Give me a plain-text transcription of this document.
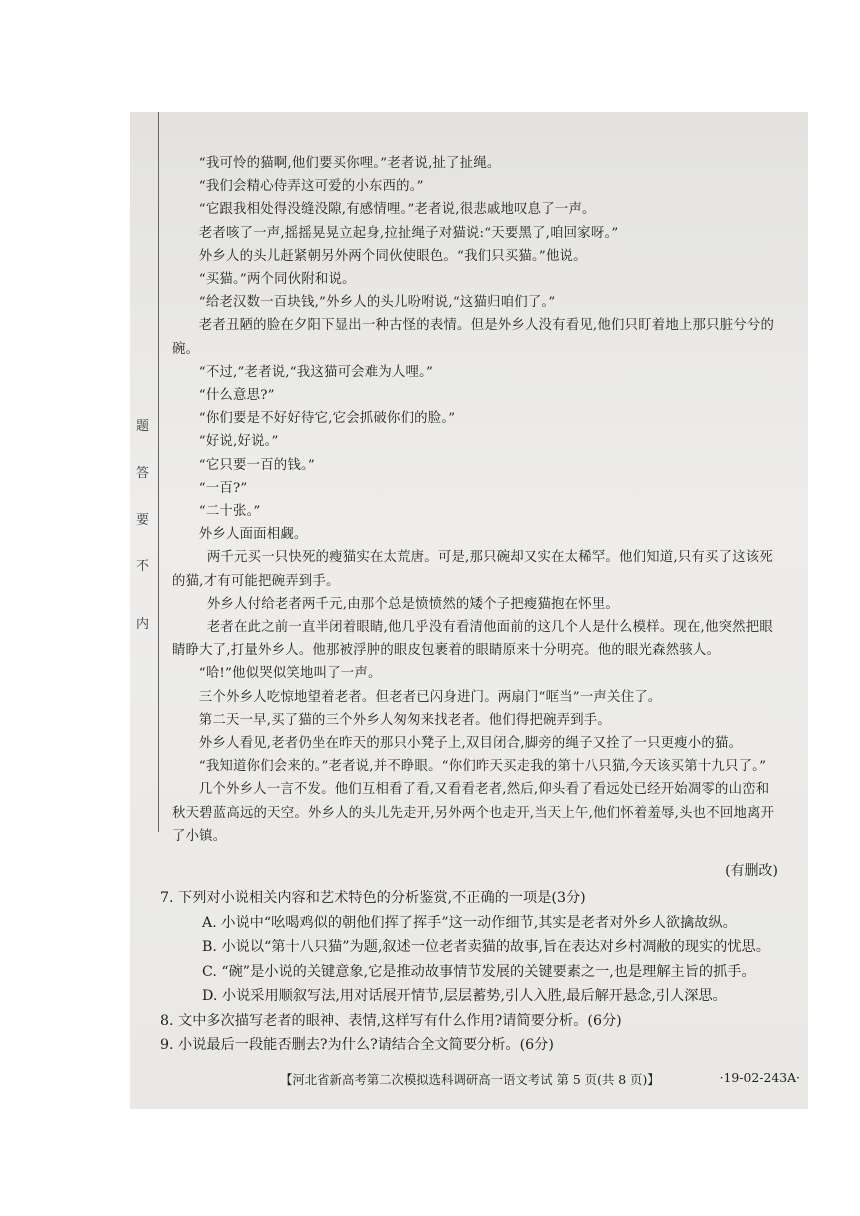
题
答
要
不
内

“我可怜的猫啊,他们要买你哩。”老者说,扯了扯绳。

“我们会精心侍弄这可爱的小东西的。”

“它跟我相处得没缝没隙,有感情哩。”老者说,很悲戚地叹息了一声。

老者咳了一声,摇摇晃晃立起身,拉扯绳子对猫说:“天要黑了,咱回家呀。”

外乡人的头儿赶紧朝另外两个同伙使眼色。“我们只买猫。”他说。

“买猫。”两个同伙附和说。

“给老汉数一百块钱,”外乡人的头儿吩咐说,“这猫归咱们了。”

老者丑陋的脸在夕阳下显出一种古怪的表情。但是外乡人没有看见,他们只盯着地上那只脏兮兮的碗。

“不过,”老者说,“我这猫可会难为人哩。”

“什么意思?”

“你们要是不好好待它,它会抓破你们的脸。”

“好说,好说。”

“它只要一百的钱。”

“一百?”

“二十张。”

外乡人面面相觑。

两千元买一只快死的瘦猫实在太荒唐。可是,那只碗却又实在太稀罕。他们知道,只有买了这该死的猫,才有可能把碗弄到手。

外乡人付给老者两千元,由那个总是愤愤然的矮个子把瘦猫抱在怀里。

老者在此之前一直半闭着眼睛,他几乎没有看清他面前的这几个人是什么模样。现在,他突然把眼睛睁大了,打量外乡人。他那被浮肿的眼皮包裹着的眼睛原来十分明亮。他的眼光森然骇人。

“哈!”他似哭似笑地叫了一声。

三个外乡人吃惊地望着老者。但老者已闪身进门。两扇门“哐当”一声关住了。

第二天一早,买了猫的三个外乡人匆匆来找老者。他们得把碗弄到手。

外乡人看见,老者仍坐在昨天的那只小凳子上,双目闭合,脚旁的绳子又拴了一只更瘦小的猫。

“我知道你们会来的。”老者说,并不睁眼。“你们昨天买走我的第十八只猫,今天该买第十九只了。”

几个外乡人一言不发。他们互相看了看,又看看老者,然后,仰头看了看远处已经开始凋零的山峦和秋天碧蓝高远的天空。外乡人的头儿先走开,另外两个也走开,当天上午,他们怀着羞辱,头也不回地离开了小镇。

(有删改)

7. 下列对小说相关内容和艺术特色的分析鉴赏,不正确的一项是(3分)

A. 小说中“吆喝鸡似的朝他们挥了挥手”这一动作细节,其实是老者对外乡人欲擒故纵。

B. 小说以“第十八只猫”为题,叙述一位老者卖猫的故事,旨在表达对乡村凋敝的现实的忧思。

C. “碗”是小说的关键意象,它是推动故事情节发展的关键要素之一,也是理解主旨的抓手。

D. 小说采用顺叙写法,用对话展开情节,层层蓄势,引人入胜,最后解开悬念,引人深思。

8. 文中多次描写老者的眼神、表情,这样写有什么作用?请简要分析。(6分)

9. 小说最后一段能否删去?为什么?请结合全文简要分析。(6分)

【河北省新高考第二次模拟选科调研高一语文考试 第 5 页(共 8 页)】	·19-02-243A·
